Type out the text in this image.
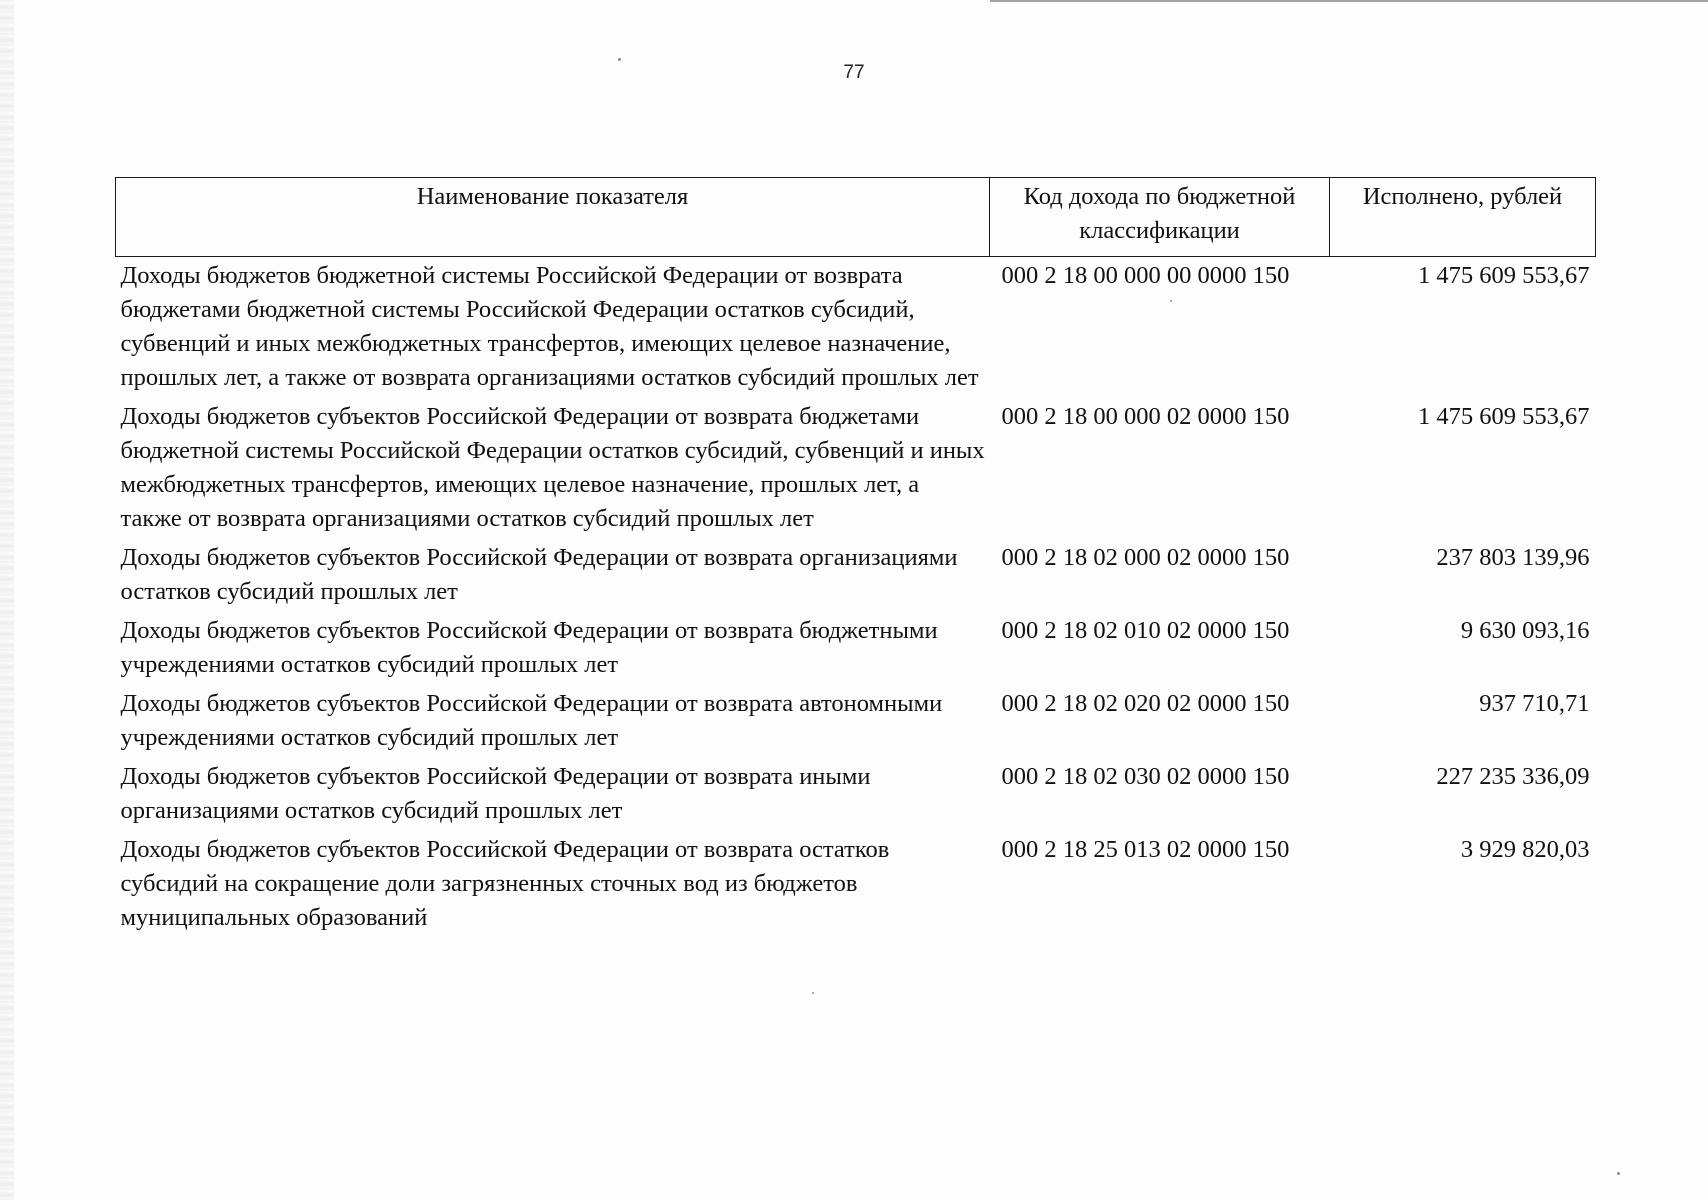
77
Наименование показателя	Код дохода по бюджетной классификации	Исполнено, рублей
Доходы бюджетов бюджетной системы Российской Федерации от возврата бюджетами бюджетной системы Российской Федерации остатков субсидий, субвенций и иных межбюджетных трансфертов, имеющих целевое назначение, прошлых лет, а также от возврата организациями остатков субсидий прошлых лет	000 2 18 00 000 00 0000 150	1 475 609 553,67
Доходы бюджетов субъектов Российской Федерации от возврата бюджетами бюджетной системы Российской Федерации остатков субсидий, субвенций и иных межбюджетных трансфертов, имеющих целевое назначение, прошлых лет, а также от возврата организациями остатков субсидий прошлых лет	000 2 18 00 000 02 0000 150	1 475 609 553,67
Доходы бюджетов субъектов Российской Федерации от возврата организациями остатков субсидий прошлых лет	000 2 18 02 000 02 0000 150	237 803 139,96
Доходы бюджетов субъектов Российской Федерации от возврата бюджетными учреждениями остатков субсидий прошлых лет	000 2 18 02 010 02 0000 150	9 630 093,16
Доходы бюджетов субъектов Российской Федерации от возврата автономными учреждениями остатков субсидий прошлых лет	000 2 18 02 020 02 0000 150	937 710,71
Доходы бюджетов субъектов Российской Федерации от возврата иными организациями остатков субсидий прошлых лет	000 2 18 02 030 02 0000 150	227 235 336,09
Доходы бюджетов субъектов Российской Федерации от возврата остатков субсидий на сокращение доли загрязненных сточных вод из бюджетов муниципальных образований	000 2 18 25 013 02 0000 150	3 929 820,03
